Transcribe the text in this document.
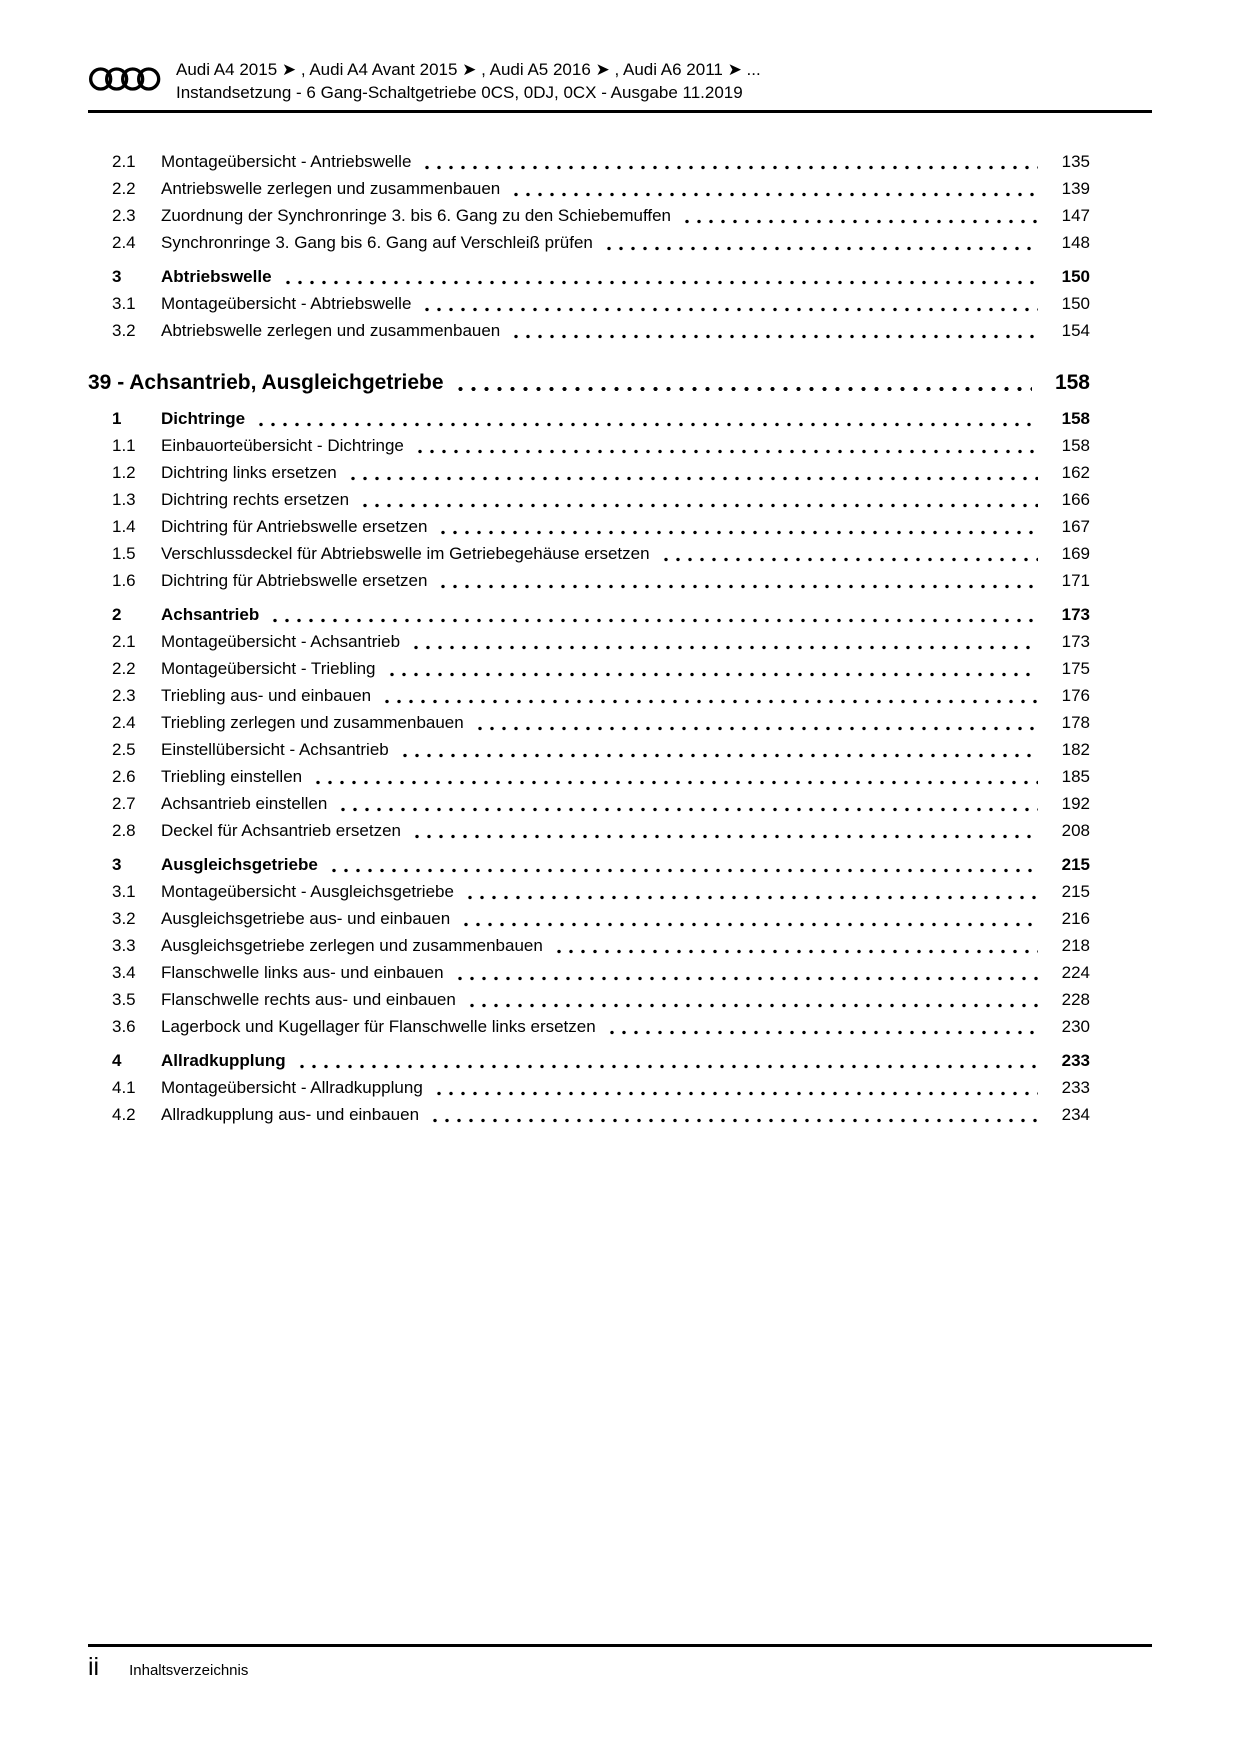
Audi A4 2015 ➤ , Audi A4 Avant 2015 ➤ , Audi A5 2016 ➤ , Audi A6 2011 ➤ ...
Instandsetzung - 6 Gang-Schaltgetriebe 0CS, 0DJ, 0CX - Ausgabe 11.2019
2.1	Montageübersicht - Antriebswelle	135
2.2	Antriebswelle zerlegen und zusammenbauen	139
2.3	Zuordnung der Synchronringe 3. bis 6. Gang zu den Schiebemuffen	147
2.4	Synchronringe 3. Gang bis 6. Gang auf Verschleiß prüfen	148
3	Abtriebswelle	150
3.1	Montageübersicht - Abtriebswelle	150
3.2	Abtriebswelle zerlegen und zusammenbauen	154
39 - Achsantrieb, Ausgleichgetriebe	158
1	Dichtringe	158
1.1	Einbauorteübersicht - Dichtringe	158
1.2	Dichtring links ersetzen	162
1.3	Dichtring rechts ersetzen	166
1.4	Dichtring für Antriebswelle ersetzen	167
1.5	Verschlussdeckel für Abtriebswelle im Getriebegehäuse ersetzen	169
1.6	Dichtring für Abtriebswelle ersetzen	171
2	Achsantrieb	173
2.1	Montageübersicht - Achsantrieb	173
2.2	Montageübersicht - Triebling	175
2.3	Triebling aus- und einbauen	176
2.4	Triebling zerlegen und zusammenbauen	178
2.5	Einstellübersicht - Achsantrieb	182
2.6	Triebling einstellen	185
2.7	Achsantrieb einstellen	192
2.8	Deckel für Achsantrieb ersetzen	208
3	Ausgleichsgetriebe	215
3.1	Montageübersicht - Ausgleichsgetriebe	215
3.2	Ausgleichsgetriebe aus- und einbauen	216
3.3	Ausgleichsgetriebe zerlegen und zusammenbauen	218
3.4	Flanschwelle links aus- und einbauen	224
3.5	Flanschwelle rechts aus- und einbauen	228
3.6	Lagerbock und Kugellager für Flanschwelle links ersetzen	230
4	Allradkupplung	233
4.1	Montageübersicht - Allradkupplung	233
4.2	Allradkupplung aus- und einbauen	234
ii Inhaltsverzeichnis
